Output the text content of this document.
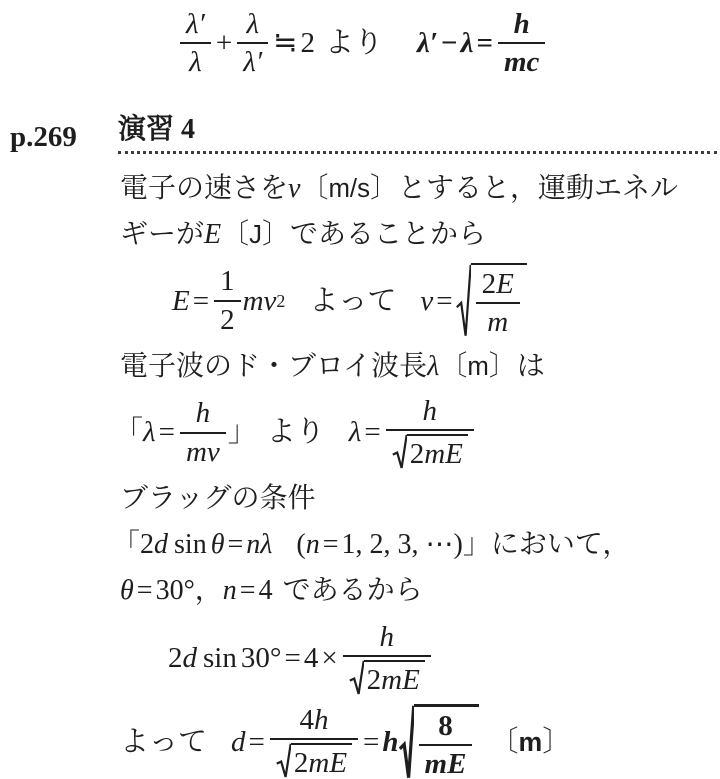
$\frac{\lambda'}{\lambda} + \frac{\lambda}{\lambda'}$ ≒ 2 より $\lambda' - \lambda = \frac{h}{mc}$
p.269	演習 4

電子の速さをv〔m/s〕とすると，運動エネル

ギーがE〔J〕であることから

$E = \frac{1}{2}$ m v 2 よって $v = \frac{2 E}{m}$

電子波のド・ブロイ波長λ〔m〕は

「 $\lambda = \frac{h}{\text{m v}}$ 」 より $\lambda = \frac{h}{2 mE}$

ブラッグの条件

「2d sin θ = nλ (n = 1, 2, 3, ⋯)」において，

θ = 30°，n = 4 であるから

2 d $\sin 30^\circ = 4 \times \frac{h}{2 mE}$
よって $d = \frac{4 h}{2 mE} = h \frac{8}{mE}$ 〔 m 〕
